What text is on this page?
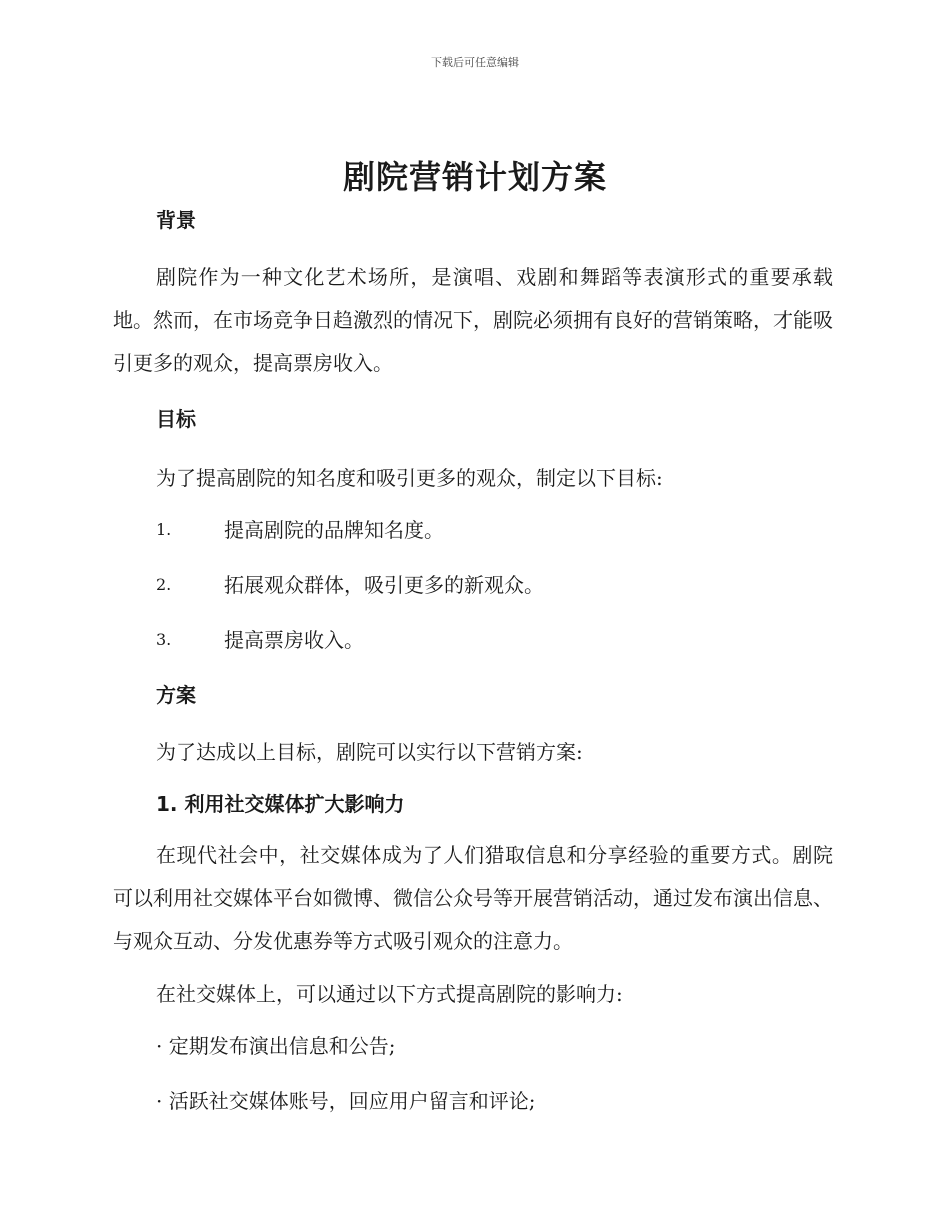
下载后可任意编辑
剧院营销计划方案
背景

剧院作为一种文化艺术场所，是演唱、戏剧和舞蹈等表演形式的重要承载地。然而，在市场竞争日趋激烈的情况下，剧院必须拥有良好的营销策略，才能吸引更多的观众，提高票房收入。

目标

为了提高剧院的知名度和吸引更多的观众，制定以下目标:

1.	提高剧院的品牌知名度。
2.	拓展观众群体，吸引更多的新观众。
3.	提高票房收入。
方案

为了达成以上目标，剧院可以实行以下营销方案:

1. 利用社交媒体扩大影响力

在现代社会中，社交媒体成为了人们猎取信息和分享经验的重要方式。剧院可以利用社交媒体平台如微博、微信公众号等开展营销活动，通过发布演出信息、与观众互动、分发优惠券等方式吸引观众的注意力。

在社交媒体上，可以通过以下方式提高剧院的影响力:

· 定期发布演出信息和公告;

· 活跃社交媒体账号，回应用户留言和评论;
